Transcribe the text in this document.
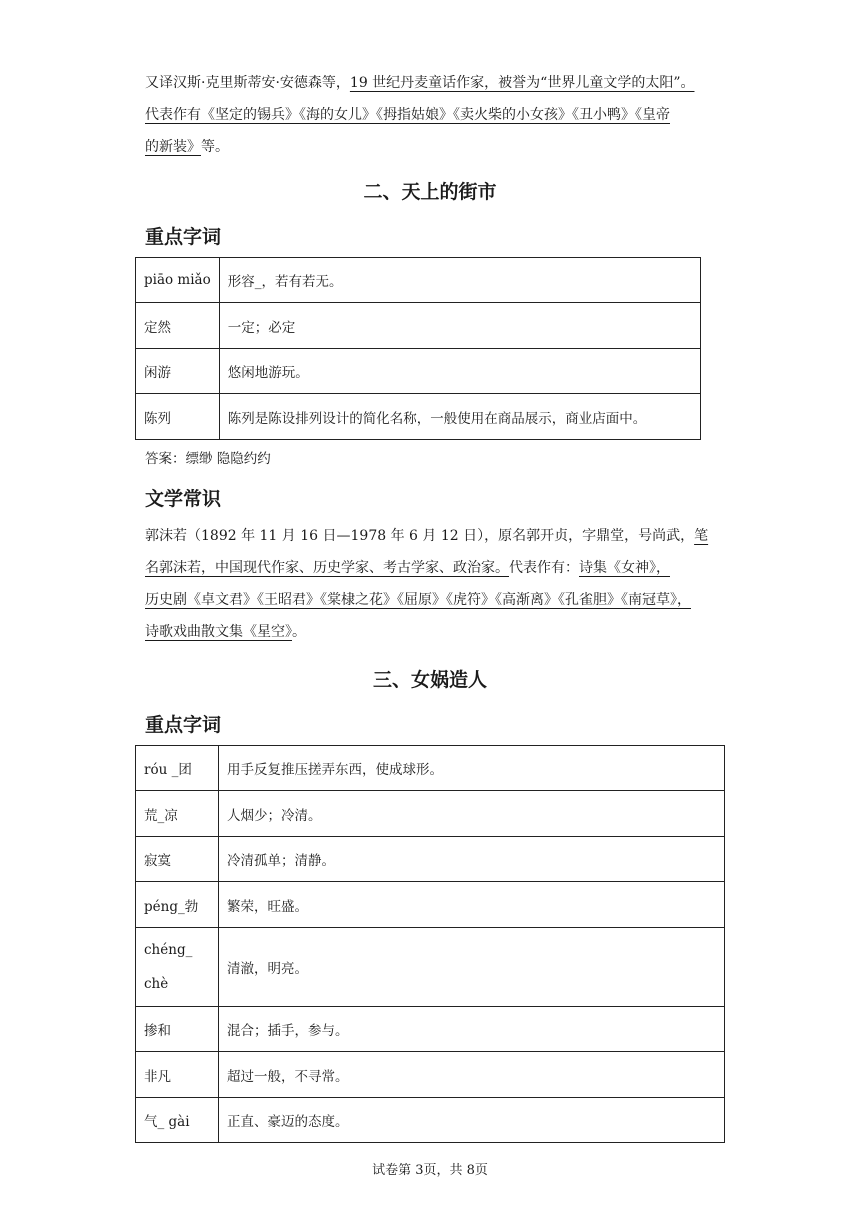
又译汉斯·克里斯蒂安·安德森等，19 世纪丹麦童话作家，被誉为“世界儿童文学的太阳”。
代表作有《坚定的锡兵》《海的女儿》《拇指姑娘》《卖火柴的小女孩》《丑小鸭》《皇帝
的新装》等。
二、天上的街市
重点字词
piāo miǎo	形容_，若有若无。
定然	一定；必定
闲游	悠闲地游玩。
陈列	陈列是陈设排列设计的简化名称，一般使用在商品展示，商业店面中。
答案：缥缈 隐隐约约
文学常识
郭沫若（1892 年 11 月 16 日—1978 年 6 月 12 日），原名郭开贞，字鼎堂，号尚武，笔
名郭沫若，中国现代作家、历史学家、考古学家、政治家。代表作有：诗集《女神》，
历史剧《卓文君》《王昭君》《棠棣之花》《屈原》《虎符》《高渐离》《孔雀胆》《南冠草》，
诗歌戏曲散文集《星空》。
三、女娲造人
重点字词
róu _团	用手反复推压搓弄东西，使成球形。
荒_凉	人烟少；冷清。
寂寞	冷清孤单；清静。
péng_勃	繁荣，旺盛。

chéng_
chè	清澈，明亮。
掺和	混合；插手，参与。
非凡	超过一般，不寻常。
气_ gài	正直、豪迈的态度。
试卷第 3页，共 8页
